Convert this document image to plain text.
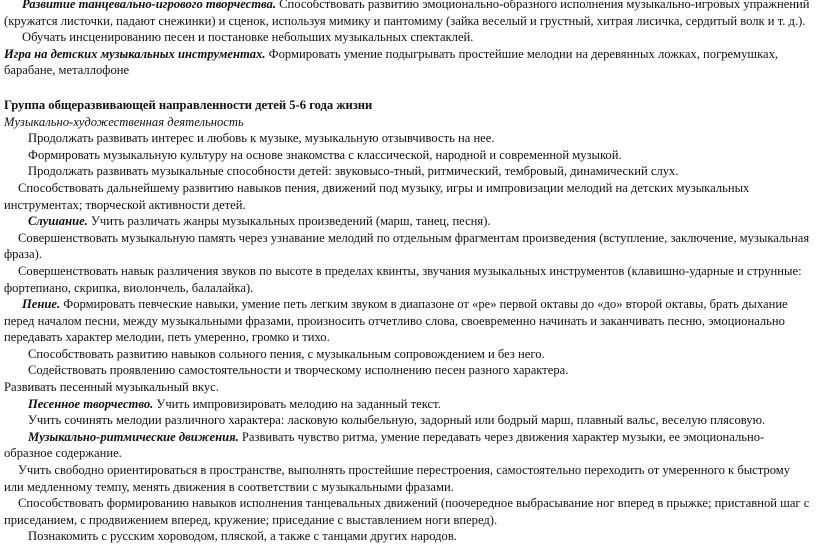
Развитие танцевально-игрового творчества. Способствовать развитию эмоционально-образного исполнения музыкально-игровых упражнений (кружатся листочки, падают снежинки) и сценок, используя мимику и пантомиму (зайка веселый и грустный, хитрая лисичка, сердитый волк и т. д.).

Обучать инсценированию песен и постановке небольших музыкальных спектаклей.

Игра на детских музыкальных инструментах. Формировать умение подыгрывать простейшие мелодии на деревянных ложках, погремушках, барабане, металлофоне

Группа общеразвивающей направленности детей 5-6 года жизни

Музыкально-художественная деятельность

Продолжать развивать интерес и любовь к музыке, музыкальную отзывчивость на нее.

Формировать музыкальную культуру на основе знакомства с классической, народной и современной музыкой.

Продолжать развивать музыкальные способности детей: звуковысо-тный, ритмический, тембровый, динамический слух.

Способствовать дальнейшему развитию навыков пения, движений под музыку, игры и импровизации мелодий на детских музыкальных инструментах; творческой активности детей.

Слушание. Учить различать жанры музыкальных произведений (марш, танец, песня).

Совершенствовать музыкальную память через узнавание мелодий по отдельным фрагментам произведения (вступление, заключение, музыкальная фраза).

Совершенствовать навык различения звуков по высоте в пределах квинты, звучания музыкальных инструментов (клавишно-ударные и струнные: фортепиано, скрипка, виолончель, балалайка).

Пение. Формировать певческие навыки, умение петь легким звуком в диапазоне от «ре» первой октавы до «до» второй октавы, брать дыхание перед началом песни, между музыкальными фразами, произносить отчетливо слова, своевременно начинать и заканчивать песню, эмоционально передавать характер мелодии, петь умеренно, громко и тихо.

Способствовать развитию навыков сольного пения, с музыкальным сопровождением и без него.

Содействовать проявлению самостоятельности и творческому исполнению песен разного характера.

Развивать песенный музыкальный вкус.

Песенное творчество. Учить импровизировать мелодию на заданный текст.

Учить сочинять мелодии различного характера: ласковую колыбельную, задорный или бодрый марш, плавный вальс, веселую плясовую.

Музыкально-ритмические движения. Развивать чувство ритма, умение передавать через движения характер музыки, ее эмоционально-образное содержание.

Учить свободно ориентироваться в пространстве, выполнять простейшие перестроения, самостоятельно переходить от умеренного к быстрому или медленному темпу, менять движения в соответствии с музыкальными фразами.

Способствовать формированию навыков исполнения танцевальных движений (поочередное выбрасывание ног вперед в прыжке; приставной шаг с приседанием, с продвижением вперед, кружение; приседание с выставлением ноги вперед).

Познакомить с русским хороводом, пляской, а также с танцами других народов.
